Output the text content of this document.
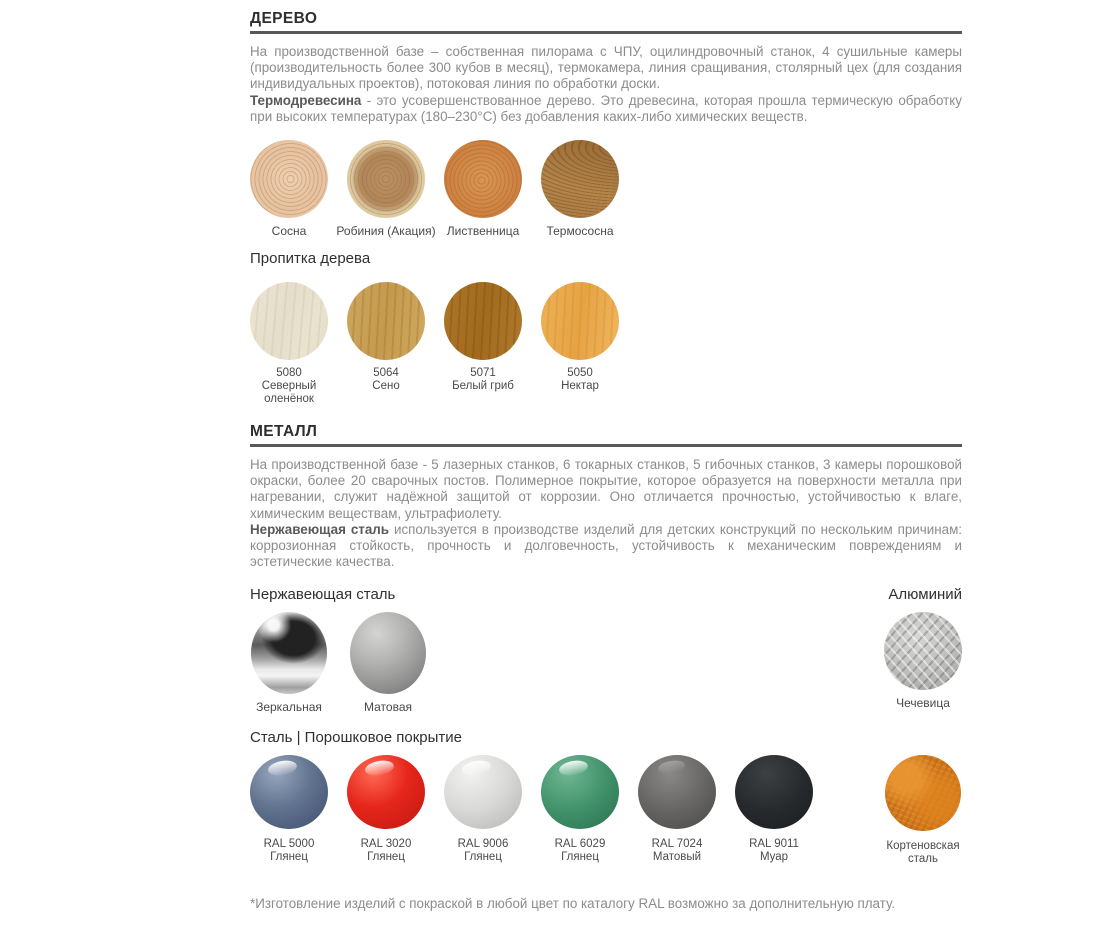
ДЕРЕВО

На производственной базе – собственная пилорама с ЧПУ, оцилиндровочный станок, 4 сушильные камеры (производительность более 300 кубов в месяц), термокамера, линия сращивания, столярный цех (для создания индивидуальных проектов), потоковая линия по обработки доски.
Термодревесина - это усовершенствованное дерево. Это древесина, которая прошла термическую обработку при высоких температурах (180–230°С) без добавления каких-либо химических веществ.

Сосна	Робиния (Акация) Лиственница Термососна
Пропитка дерева
5080
Северный оленёнок
5064
Сено
5071
Белый гриб
5050
Нектар
МЕТАЛЛ

На производственной базе - 5 лазерных станков, 6 токарных станков, 5 гибочных станков, 3 камеры порошковой окраски, более 20 сварочных постов. Полимерное покрытие, которое образуется на поверхности металла при нагревании, служит надёжной защитой от коррозии. Оно отличается прочностью, устойчивостью к влаге, химическим веществам, ультрафиолету.
Нержавеющая сталь используется в производстве изделий для детских конструкций по нескольким причинам: коррозионная стойкость, прочность и долговечность, устойчивость к механическим повреждениям и эстетические качества.

Нержавеющая сталь	Алюминий
Зеркальная	Матовая	Чечевица
Сталь | Порошковое покрытие
RAL 5000
Глянец
RAL 3020
Глянец
RAL 9006
Глянец
RAL 6029
Глянец
RAL 7024
Матовый
RAL 9011
Муар
Кортеновская сталь

*Изготовление изделий с покраской в любой цвет по каталогу RAL возможно за дополнительную плату.
